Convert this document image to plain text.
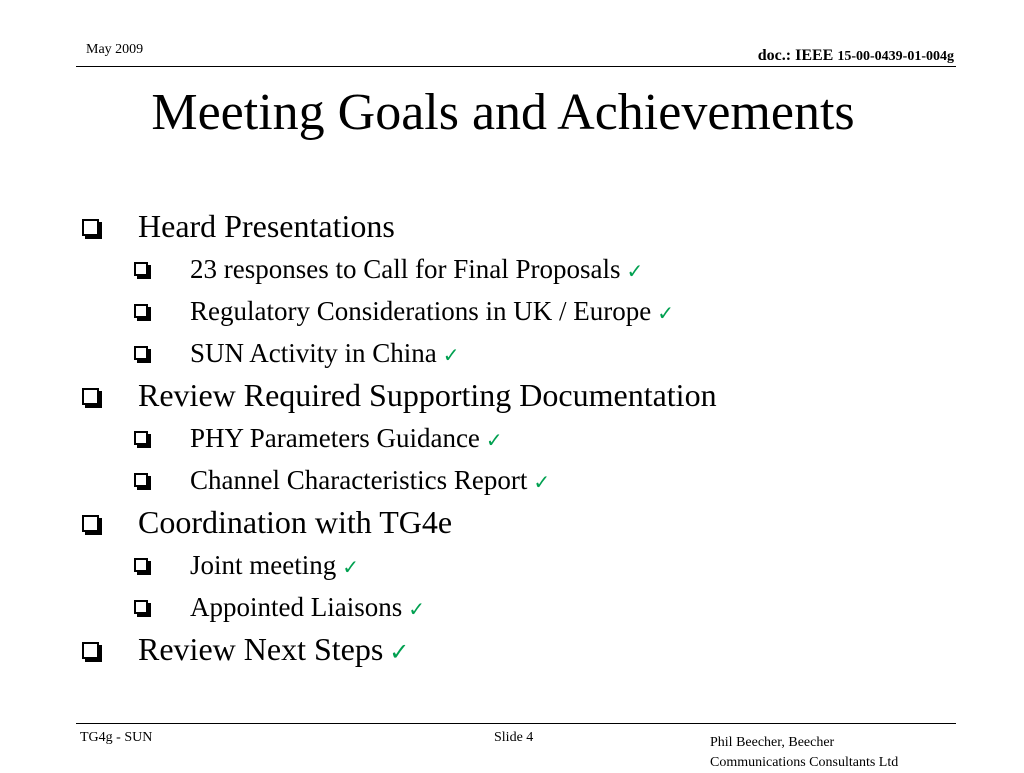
May 2009	doc.: IEEE 15-00-0439-01-004g
Meeting Goals and Achievements
Heard Presentations
23 responses to Call for Final Proposals ✓
Regulatory Considerations in UK / Europe ✓
SUN Activity in China ✓
Review Required Supporting Documentation
PHY Parameters Guidance ✓
Channel Characteristics Report ✓
Coordination with TG4e
Joint meeting ✓
Appointed Liaisons ✓
Review Next Steps ✓
TG4g - SUN	Slide 4	Phil Beecher, Beecher
Communications Consultants Ltd
